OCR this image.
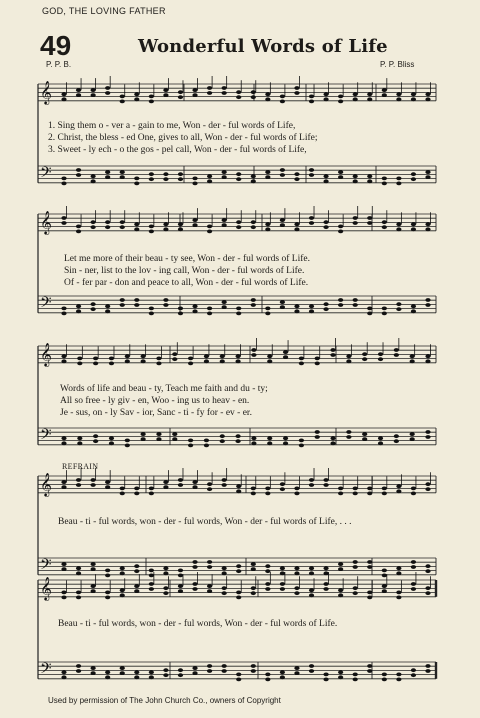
GOD, THE LOVING FATHER
49	Wonderful Words of Life
P. P. B.	P. P. Bliss
𝄞
𝄢
𝄞
𝄢
𝄞
𝄢
𝄞
𝄢
𝄞
𝄢
1. Sing them o - ver a - gain to me, Won - der - ful words of Life,
2. Christ, the bless - ed One, gives to all, Won - der - ful words of Life;
3. Sweet - ly ech - o the gos - pel call, Won - der - ful words of Life,
Let me more of their beau - ty see, Won - der - ful words of Life.
Sin - ner, list to the lov - ing call, Won - der - ful words of Life.
Of - fer par - don and peace to all, Won - der - ful words of Life.
Words of life and beau - ty, Teach me faith and du - ty;
All so free - ly giv - en, Woo - ing us to heav - en.
Je - sus, on - ly Sav - ior, Sanc - ti - fy for - ev - er.
REFRAIN
Beau - ti - ful words, won - der - ful words, Won - der - ful words of Life, . . .
Beau - ti - ful words, won - der - ful words, Won - der - ful words of Life.
Used by permission of The John Church Co., owners of Copyright
